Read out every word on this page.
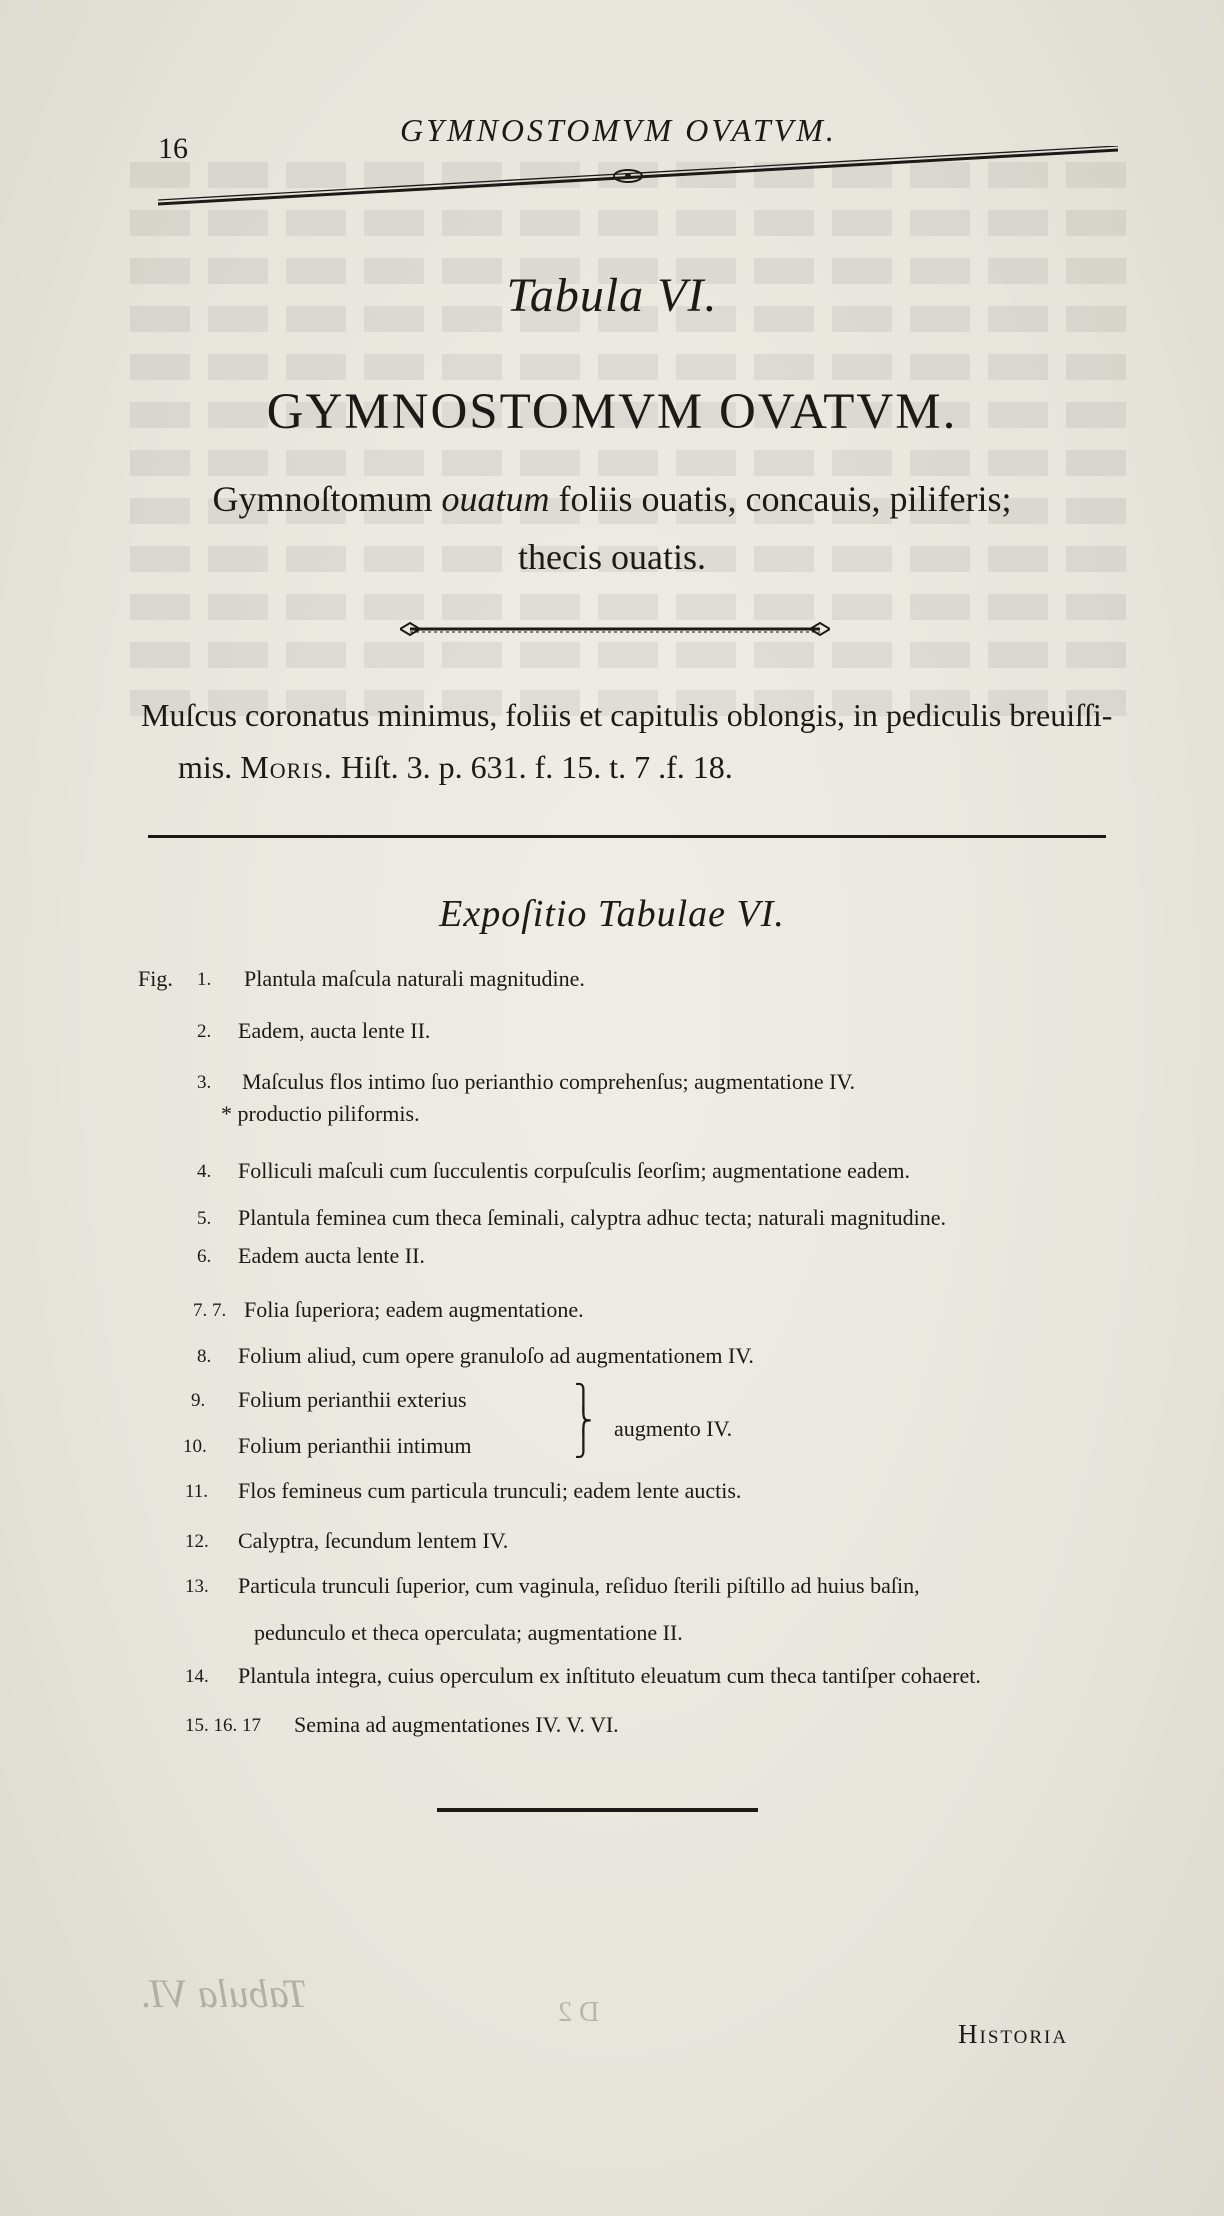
16
GYMNOSTOMVM OVATVM.
Tabula VI.
GYMNOSTOMVM OVATVM.
Gymnoſtomum ouatum foliis ouatis, concauis, piliferis;
thecis ouatis.
Muſcus coronatus minimus, foliis et capitulis oblongis, in pediculis breuiſſi-
mis. Moris. Hiſt. 3. p. 631. f. 15. t. 7 .f. 18.
Expoſitio Tabulae VI.
Fig. 1. Plantula maſcula naturali magnitudine.
2. Eadem, aucta lente II.
3. Maſculus flos intimo ſuo perianthio comprehenſus; augmentatione IV.
* productio piliformis.
4. Folliculi maſculi cum ſucculentis corpuſculis ſeorſim; augmentatione eadem.
5. Plantula feminea cum theca ſeminali, calyptra adhuc tecta; naturali magnitudine.
6. Eadem aucta lente II.
7. 7. Folia ſuperiora; eadem augmentatione.
8. Folium aliud, cum opere granuloſo ad augmentationem IV.
9. Folium perianthii exterius
10. Folium perianthii intimum
⎫
⎬
⎭
augmento IV.
11. Flos femineus cum particula trunculi; eadem lente auctis.
12. Calyptra, ſecundum lentem IV.
13. Particula trunculi ſuperior, cum vaginula, reſiduo ſterili piſtillo ad huius baſin,
pedunculo et theca operculata; augmentatione II.
14. Plantula integra, cuius operculum ex inſtituto eleuatum cum theca tantiſper cohaeret.
15. 16. 17 Semina ad augmentationes IV. V. VI.
Tabula VI.	D 2
Historia
